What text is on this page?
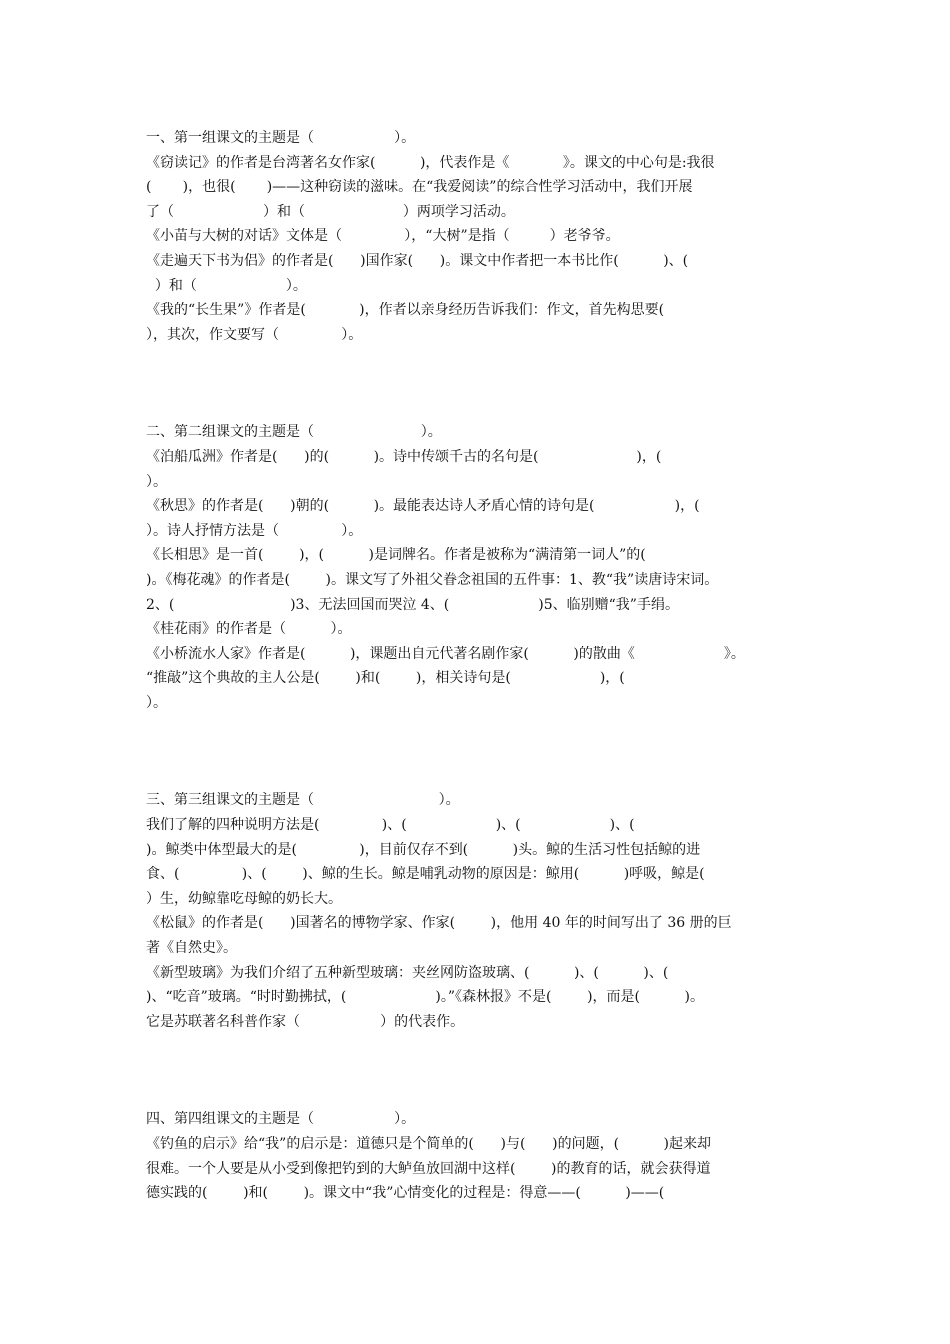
一、第一组课文的主题是（                  ）。
《窃读记》的作者是台湾著名女作家(          )，代表作是《            》。课文的中心句是:我很
(       )，也很(       )——这种窃读的滋味。在“我爱阅读”的综合性学习活动中，我们开展
了（                    ）和（                      ）两项学习活动。
《小苗与大树的对话》文体是（              ），“大树”是指（         ）老爷爷。
《走遍天下书为侣》的作者是(      )国作家(      )。课文中作者把一本书比作(          )、(
）和（                    ）。
《我的“长生果”》作者是(            )，作者以亲身经历告诉我们：作文，首先构思要(
），其次，作文要写（              ）。
二、第二组课文的主题是（                        ）。
《泊船瓜洲》作者是(      )的(          )。诗中传颂千古的名句是(                      )，(
）。
《秋思》的作者是(      )朝的(          )。最能表达诗人矛盾心情的诗句是(                  )，(
）。诗人抒情方法是（              ）。
《长相思》是一首(        )，(          )是词牌名。作者是被称为“满清第一词人”的(
)。《梅花魂》的作者是(        )。课文写了外祖父眷念祖国的五件事：1、教“我”读唐诗宋词。
2、(                          )3、无法回国而哭泣 4、(                    )5、临别赠“我”手绢。
《桂花雨》的作者是（          ）。
《小桥流水人家》作者是(          )，课题出自元代著名剧作家(          )的散曲《                    》。
“推敲”这个典故的主人公是(        )和(        )，相关诗句是(                    )，(
）。
三、第三组课文的主题是（                            ）。
我们了解的四种说明方法是(              )、(                    )、(                    )、(
)。鲸类中体型最大的是(              )，目前仅存不到(          )头。鲸的生活习性包括鲸的进
食、(              )、(        )、鲸的生长。鲸是哺乳动物的原因是：鲸用(          )呼吸，鲸是(
）生，幼鲸靠吃母鲸的奶长大。
《松鼠》的作者是(      )国著名的博物学家、作家(        )，他用 40 年的时间写出了 36 册的巨
著《自然史》。
《新型玻璃》为我们介绍了五种新型玻璃：夹丝网防盗玻璃、(          )、(          )、(
)、“吃音”玻璃。“时时勤拂拭，(                    )。”《森林报》不是(        )，而是(          )。
它是苏联著名科普作家（                  ）的代表作。
四、第四组课文的主题是（                  ）。
《钓鱼的启示》给“我”的启示是：道德只是个简单的(      )与(      )的问题，(          )起来却
很难。一个人要是从小受到像把钓到的大鲈鱼放回湖中这样(        )的教育的话，就会获得道
德实践的(        )和(        )。课文中“我”心情变化的过程是：得意——(          )——(
